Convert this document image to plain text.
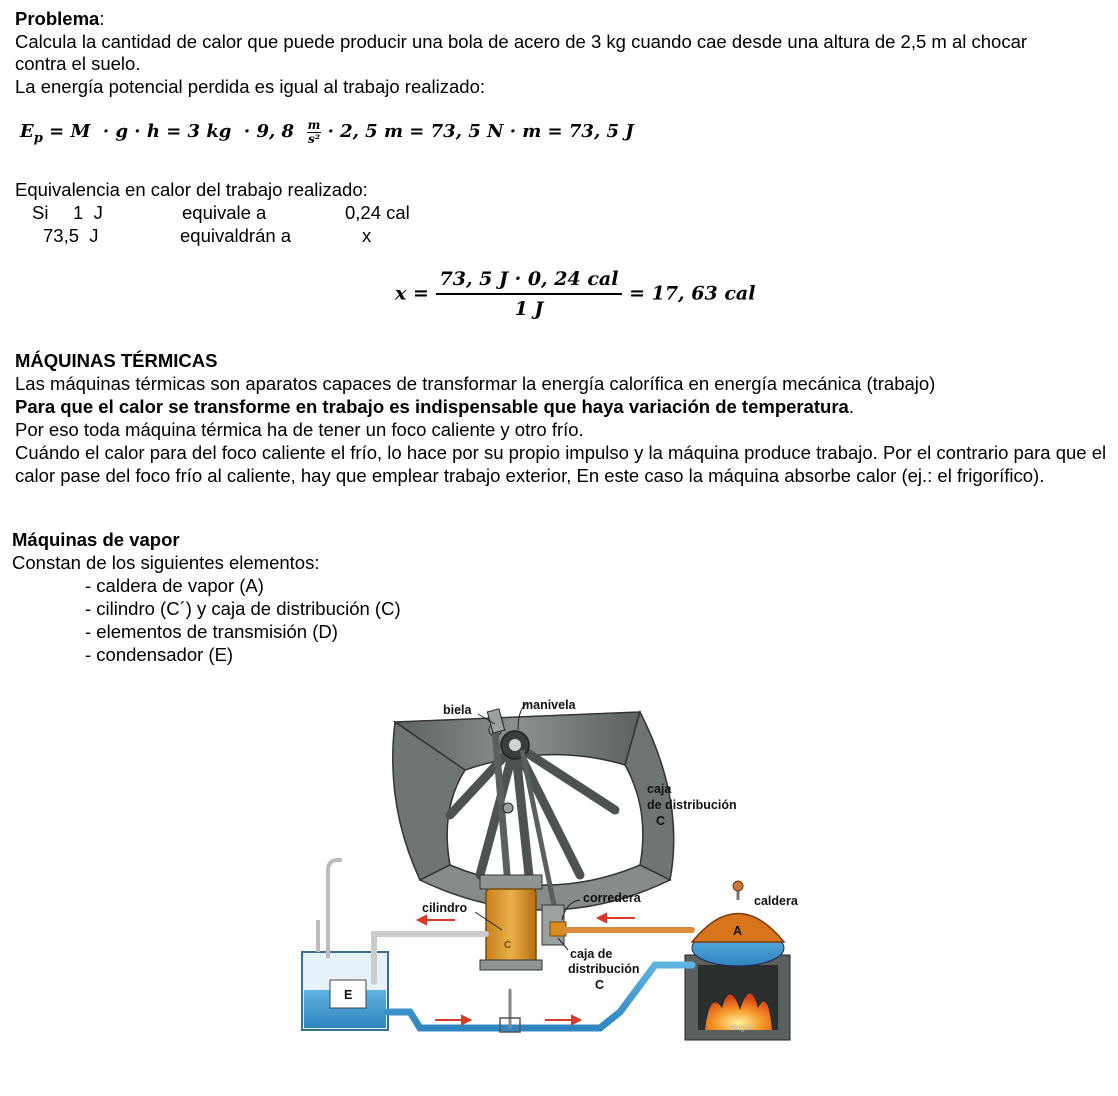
Problema:
Calcula la cantidad de calor que puede producir una bola de acero de 3 kg cuando cae desde una altura de 2,5 m al chocar
contra el suelo.
La energía potencial perdida es igual al trabajo realizado:
$E_p = M \cdot g \cdot h = 3$ kg  · 9, $8 \frac{m}{\text{s²}} \cdot 2$, 5 m = 73, 5 N · m = 73, 5 J
Equivalencia en calor del trabajo realizado:
Si 1  J	equivale a	0,24 cal
73,5  J	equivaldrán a	x
$x = \frac{\text{73, 5 J · 0, 24 cal}}{1 J} = 17$, 63 cal
MÁQUINAS TÉRMICAS
Las máquinas térmicas son aparatos capaces de transformar la energía calorífica en energía mecánica (trabajo)
Para que el calor se transforme en trabajo es indispensable que haya variación de temperatura.
Por eso toda máquina térmica ha de tener un foco caliente y otro frío.
Cuándo el calor para del foco caliente el frío, lo hace por su propio impulso y la máquina produce trabajo. Por el contrario para que el calor pase del foco frío al caliente, hay que emplear trabajo exterior, En este caso la máquina absorbe calor (ej.: el frigorífico).
Máquinas de vapor
Constan de los siguientes elementos:
- caldera de vapor (A)
- cilindro (C´) y caja de distribución (C)
- elementos de transmisión (D)
- condensador (E)
biela	manivela
caja
de distribución
C
cilindro
corredera	caldera
caja de
distribución
C
A
E
C
Hogar
